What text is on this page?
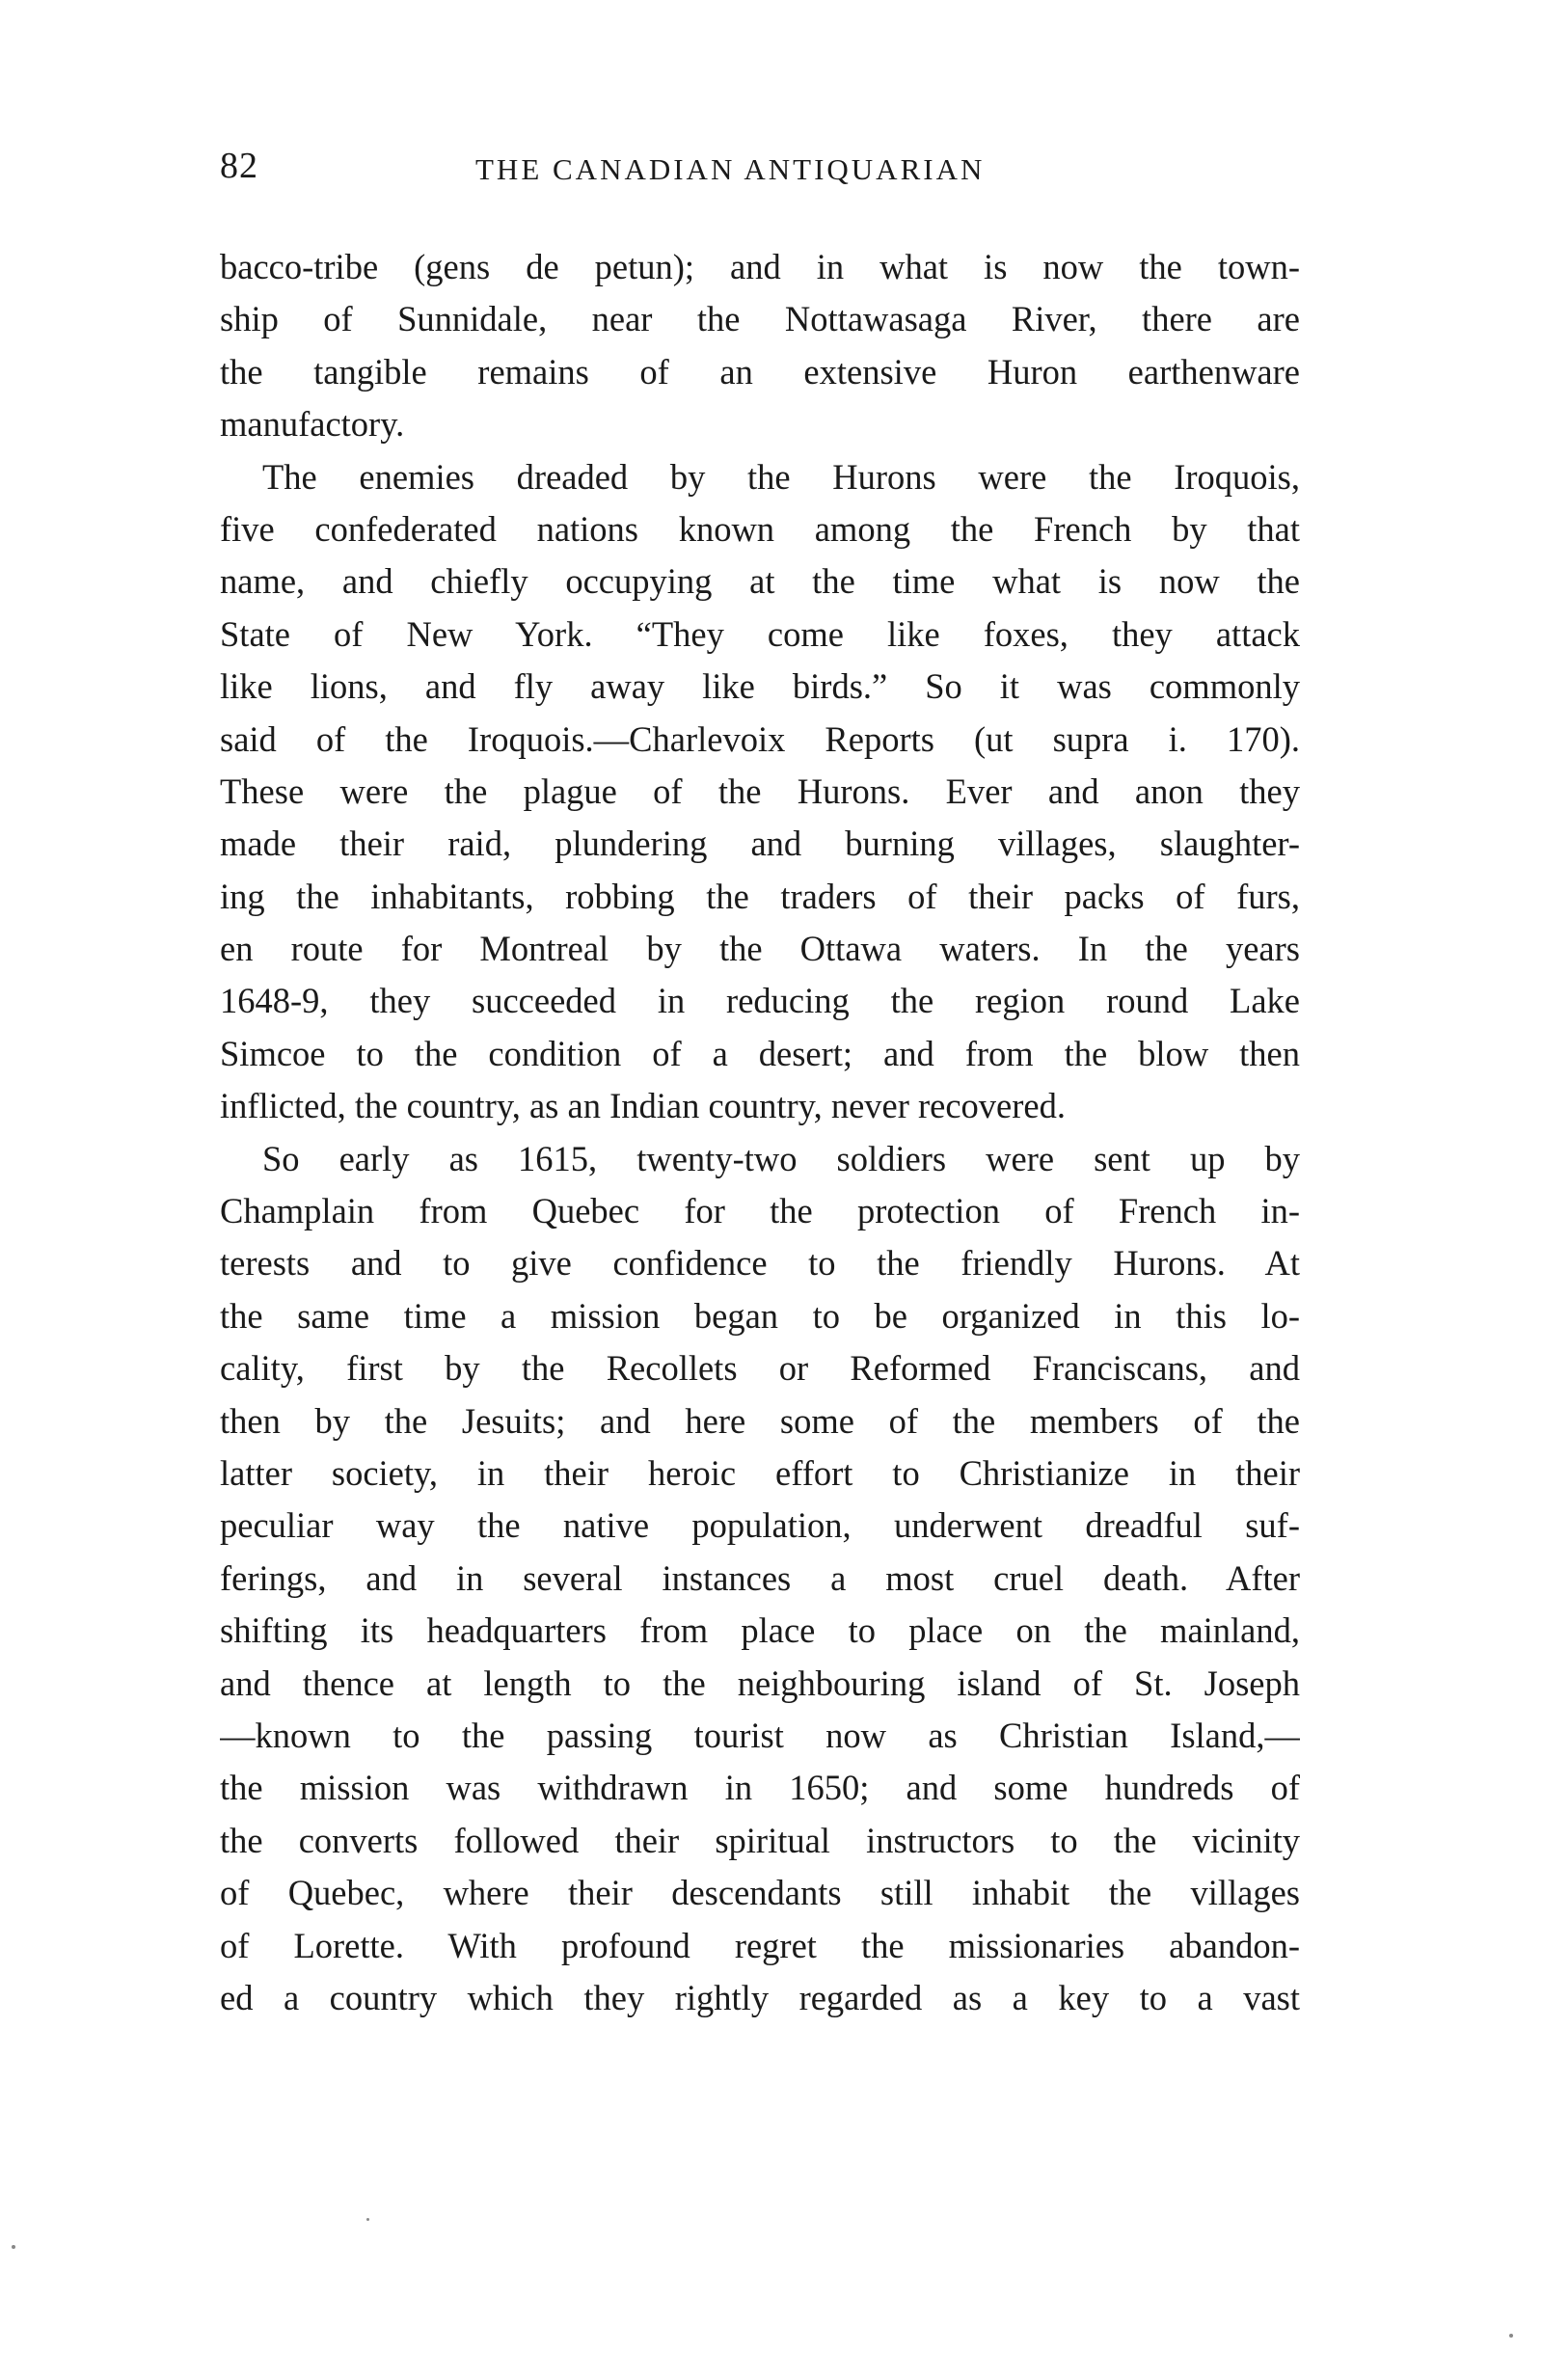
82	THE CANADIAN ANTIQUARIAN
bacco-tribe (gens de petun); and in what is now the town-
ship of Sunnidale, near the Nottawasaga River, there are
the tangible remains of an extensive Huron earthenware
manufactory.
The enemies dreaded by the Hurons were the Iroquois,
five confederated nations known among the French by that
name, and chiefly occupying at the time what is now the
State of New York. “They come like foxes, they attack
like lions, and fly away like birds.” So it was commonly
said of the Iroquois.—Charlevoix Reports (ut supra i. 170).
These were the plague of the Hurons. Ever and anon they
made their raid, plundering and burning villages, slaughter-
ing the inhabitants, robbing the traders of their packs of furs,
en route for Montreal by the Ottawa waters. In the years
1648-9, they succeeded in reducing the region round Lake
Simcoe to the condition of a desert; and from the blow then
inflicted, the country, as an Indian country, never recovered.
So early as 1615, twenty-two soldiers were sent up by
Champlain from Quebec for the protection of French in-
terests and to give confidence to the friendly Hurons. At
the same time a mission began to be organized in this lo-
cality, first by the Recollets or Reformed Franciscans, and
then by the Jesuits; and here some of the members of the
latter society, in their heroic effort to Christianize in their
peculiar way the native population, underwent dreadful suf-
ferings, and in several instances a most cruel death. After
shifting its headquarters from place to place on the mainland,
and thence at length to the neighbouring island of St. Joseph
—known to the passing tourist now as Christian Island,—
the mission was withdrawn in 1650; and some hundreds of
the converts followed their spiritual instructors to the vicinity
of Quebec, where their descendants still inhabit the villages
of Lorette. With profound regret the missionaries abandon-
ed a country which they rightly regarded as a key to a vast
